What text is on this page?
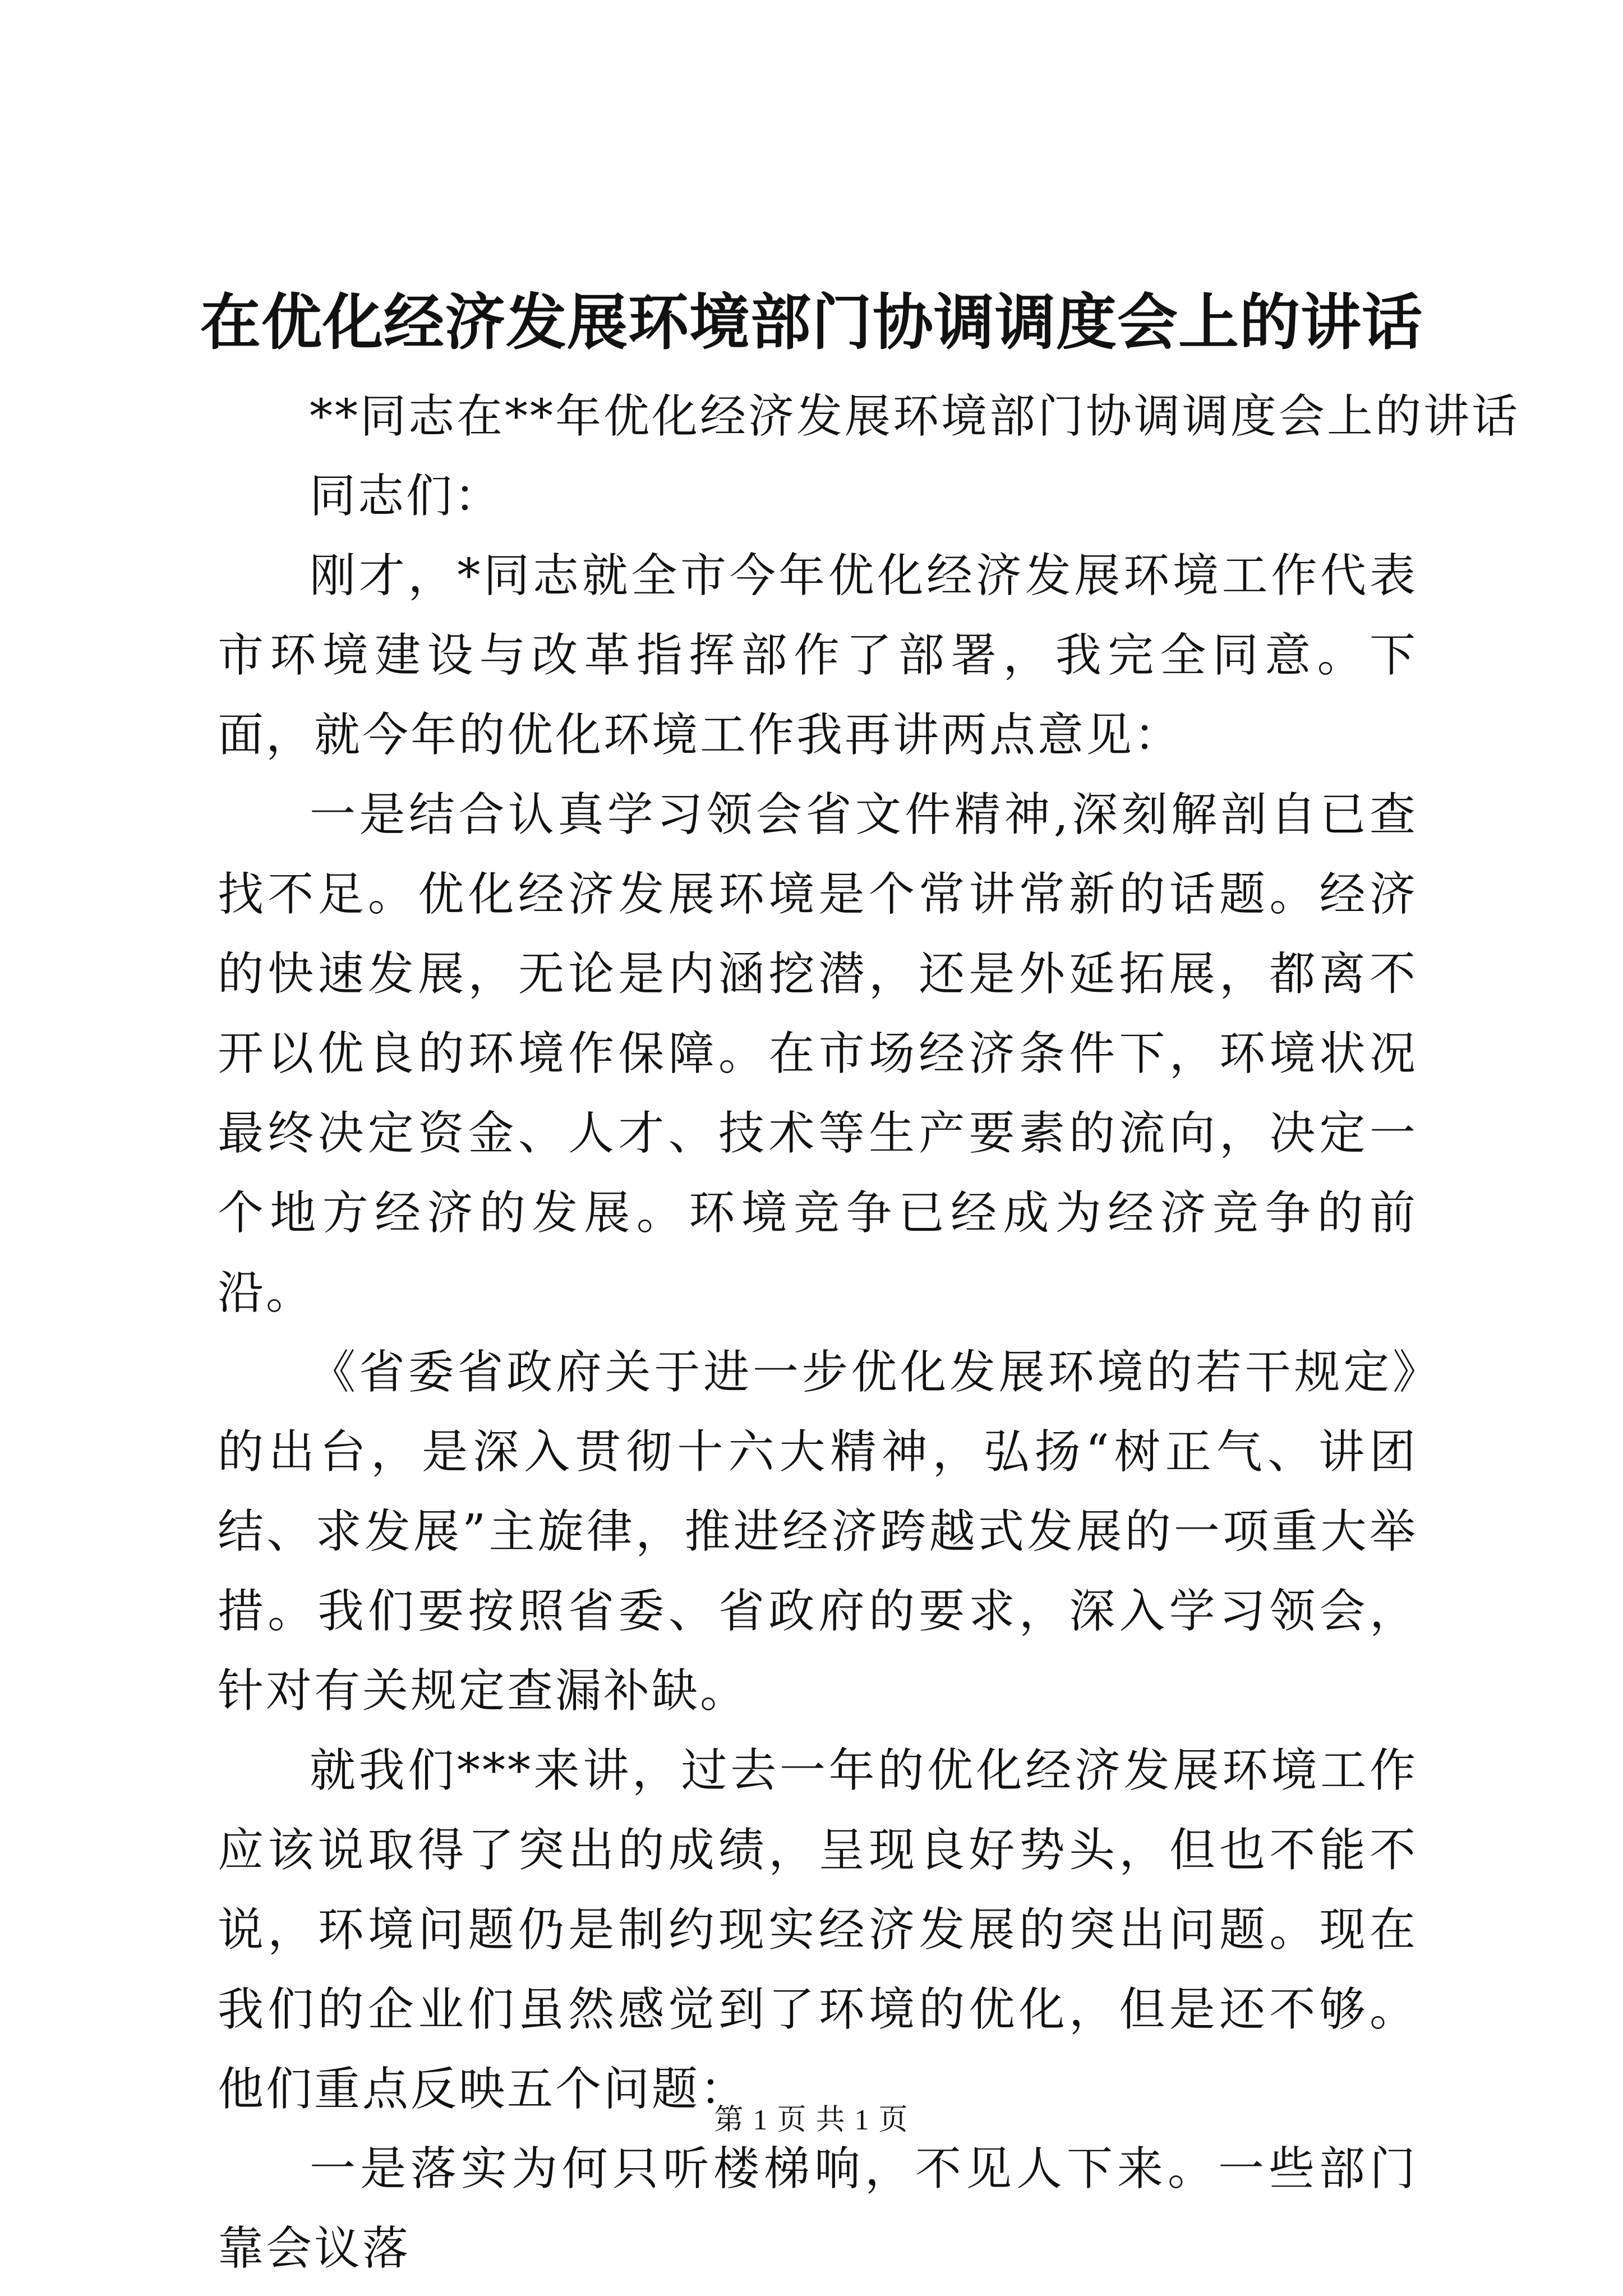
在优化经济发展环境部门协调调度会上的讲话

**同志在**年优化经济发展环境部门协调调度会上的讲话

同志们：

刚才，*同志就全市今年优化经济发展环境工作代表市环境建设与改革指挥部作了部署，我完全同意。下面，就今年的优化环境工作我再讲两点意见：

一是结合认真学习领会省文件精神,深刻解剖自已查找不足。优化经济发展环境是个常讲常新的话题。经济的快速发展，无论是内涵挖潜，还是外延拓展，都离不开以优良的环境作保障。在市场经济条件下，环境状况最终决定资金、人才、技术等生产要素的流向，决定一个地方经济的发展。环境竞争已经成为经济竞争的前沿。

《省委省政府关于进一步优化发展环境的若干规定》的出台，是深入贯彻十六大精神，弘扬“树正气、讲团结、求发展”主旋律，推进经济跨越式发展的一项重大举措。我们要按照省委、省政府的要求，深入学习领会，针对有关规定查漏补缺。

就我们***来讲，过去一年的优化经济发展环境工作应该说取得了突出的成绩，呈现良好势头，但也不能不说，环境问题仍是制约现实经济发展的突出问题。现在我们的企业们虽然感觉到了环境的优化，但是还不够。他们重点反映五个问题：

一是落实为何只听楼梯响，不见人下来。一些部门靠会议落

第 1 页 共 1 页
